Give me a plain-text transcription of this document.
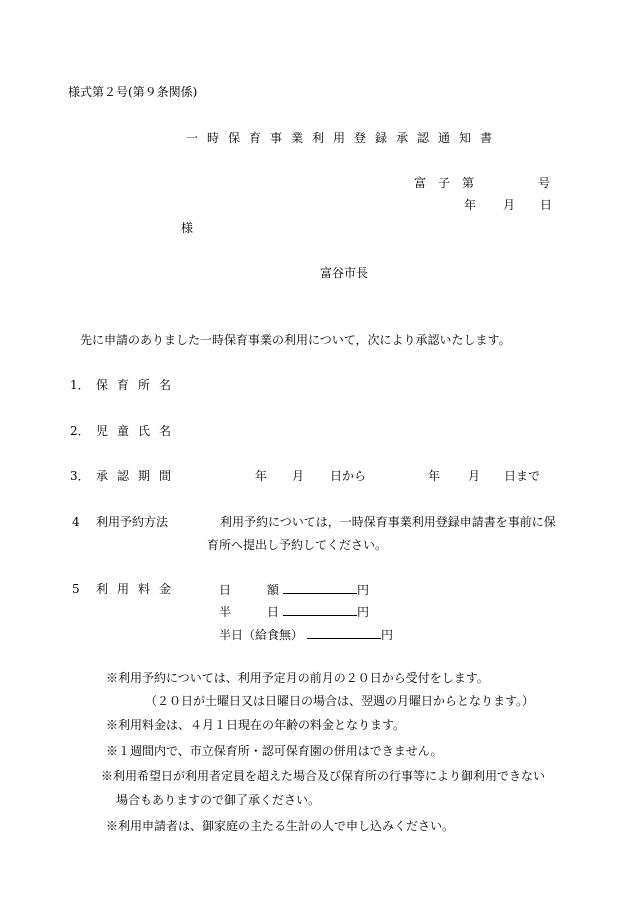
様式第２号(第９条関係)
一時保育事業利用登録承認通知書
富　子　第	号
年 月 日
様
富谷市長
先に申請のありました一時保育事業の利用について，次により承認いたします。
1． 保育所名
2． 児童氏名
3． 承認期間	年 月 日から	年 月 日まで
4 利用予約方法	利用予約については，一時保育事業利用登録申請書を事前に保
育所へ提出し予約してください。
5 利用料金	日　　　額	円
半　　　日	円
半日（給食無）	円
※利用予約については、利用予定月の前月の２０日から受付をします。
（２０日が土曜日又は日曜日の場合は、翌週の月曜日からとなります。）
※利用料金は、４月１日現在の年齢の料金となります。
※１週間内で、市立保育所・認可保育園の併用はできません。
※利用希望日が利用者定員を超えた場合及び保育所の行事等により御利用できない
場合もありますので御了承ください。
※利用申請者は、御家庭の主たる生計の人で申し込みください。
